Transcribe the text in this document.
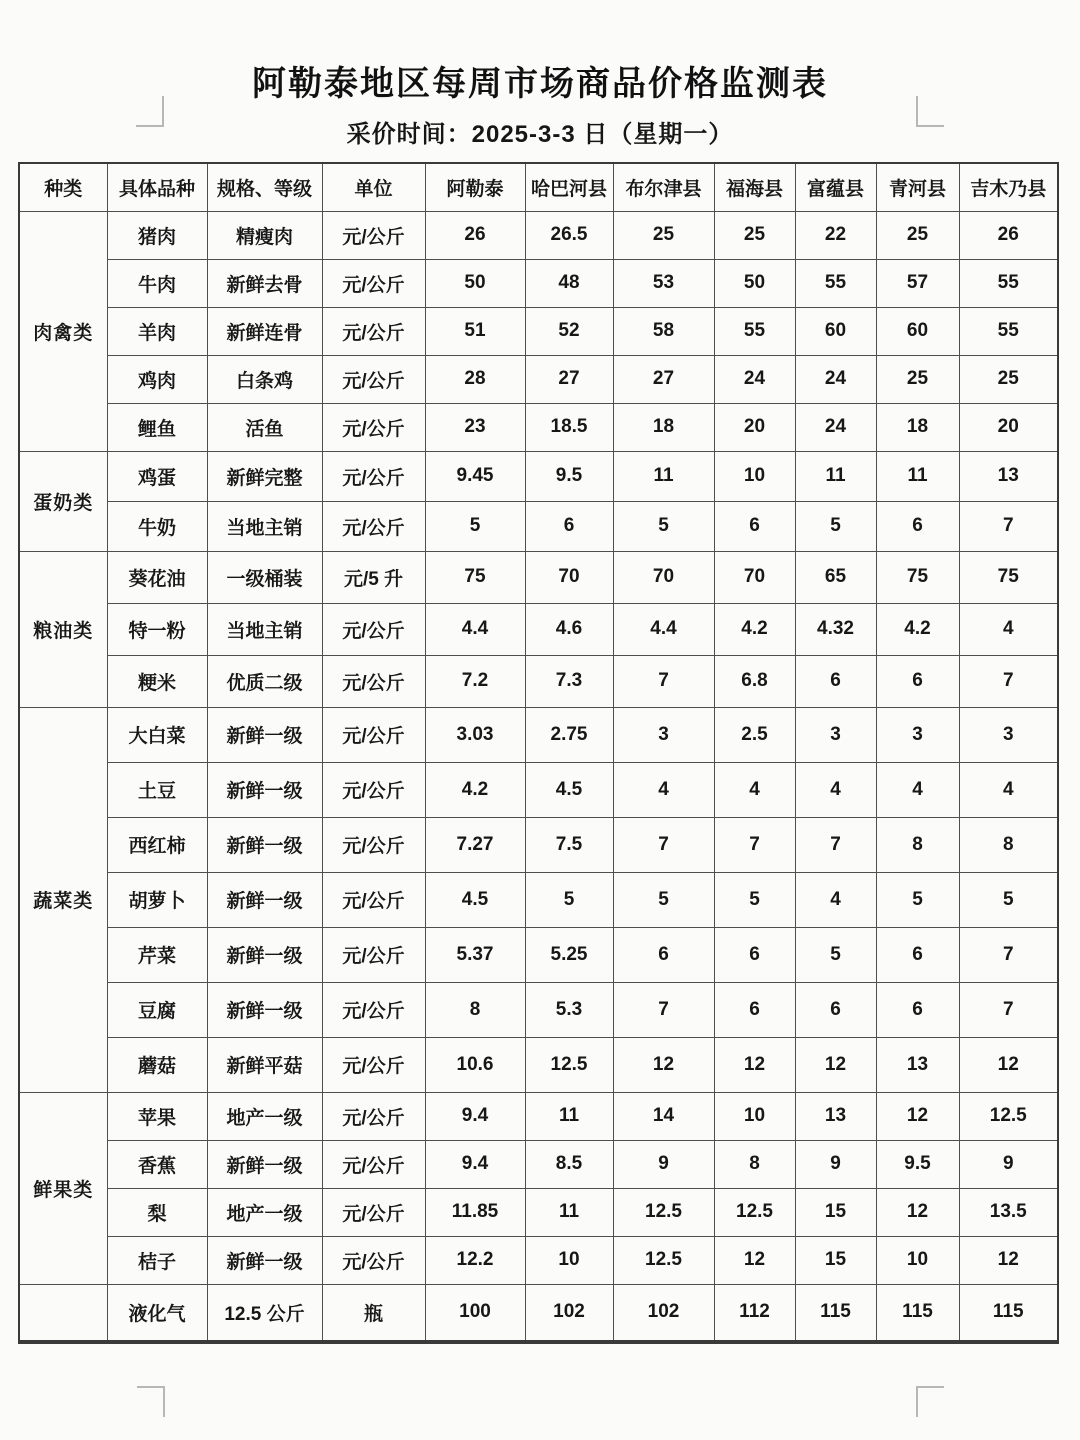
阿勒泰地区每周市场商品价格监测表
采价时间：2025-3-3 日（星期一）
种类	具体品种	规格、等级	单位	阿勒泰	哈巴河县	布尔津县	福海县	富蕴县	青河县	吉木乃县
肉禽类	猪肉	精瘦肉	元/公斤	26	26.5	25	25	22	25	26
	牛肉	新鲜去骨	元/公斤	50	48	53	50	55	57	55
	羊肉	新鲜连骨	元/公斤	51	52	58	55	60	60	55
	鸡肉	白条鸡	元/公斤	28	27	27	24	24	25	25
	鲤鱼	活鱼	元/公斤	23	18.5	18	20	24	18	20
蛋奶类	鸡蛋	新鲜完整	元/公斤	9.45	9.5	11	10	11	11	13
	牛奶	当地主销	元/公斤	5	6	5	6	5	6	7
粮油类	葵花油	一级桶装	元/5 升	75	70	70	70	65	75	75
	特一粉	当地主销	元/公斤	4.4	4.6	4.4	4.2	4.32	4.2	4
	粳米	优质二级	元/公斤	7.2	7.3	7	6.8	6	6	7
蔬菜类	大白菜	新鲜一级	元/公斤	3.03	2.75	3	2.5	3	3	3
	土豆	新鲜一级	元/公斤	4.2	4.5	4	4	4	4	4
	西红柿	新鲜一级	元/公斤	7.27	7.5	7	7	7	8	8
	胡萝卜	新鲜一级	元/公斤	4.5	5	5	5	4	5	5
	芹菜	新鲜一级	元/公斤	5.37	5.25	6	6	5	6	7
	豆腐	新鲜一级	元/公斤	8	5.3	7	6	6	6	7
	蘑菇	新鲜平菇	元/公斤	10.6	12.5	12	12	12	13	12
鲜果类	苹果	地产一级	元/公斤	9.4	11	14	10	13	12	12.5
	香蕉	新鲜一级	元/公斤	9.4	8.5	9	8	9	9.5	9
	梨	地产一级	元/公斤	11.85	11	12.5	12.5	15	12	13.5
	桔子	新鲜一级	元/公斤	12.2	10	12.5	12	15	10	12
	液化气	12.5 公斤	瓶	100	102	102	112	115	115	115
